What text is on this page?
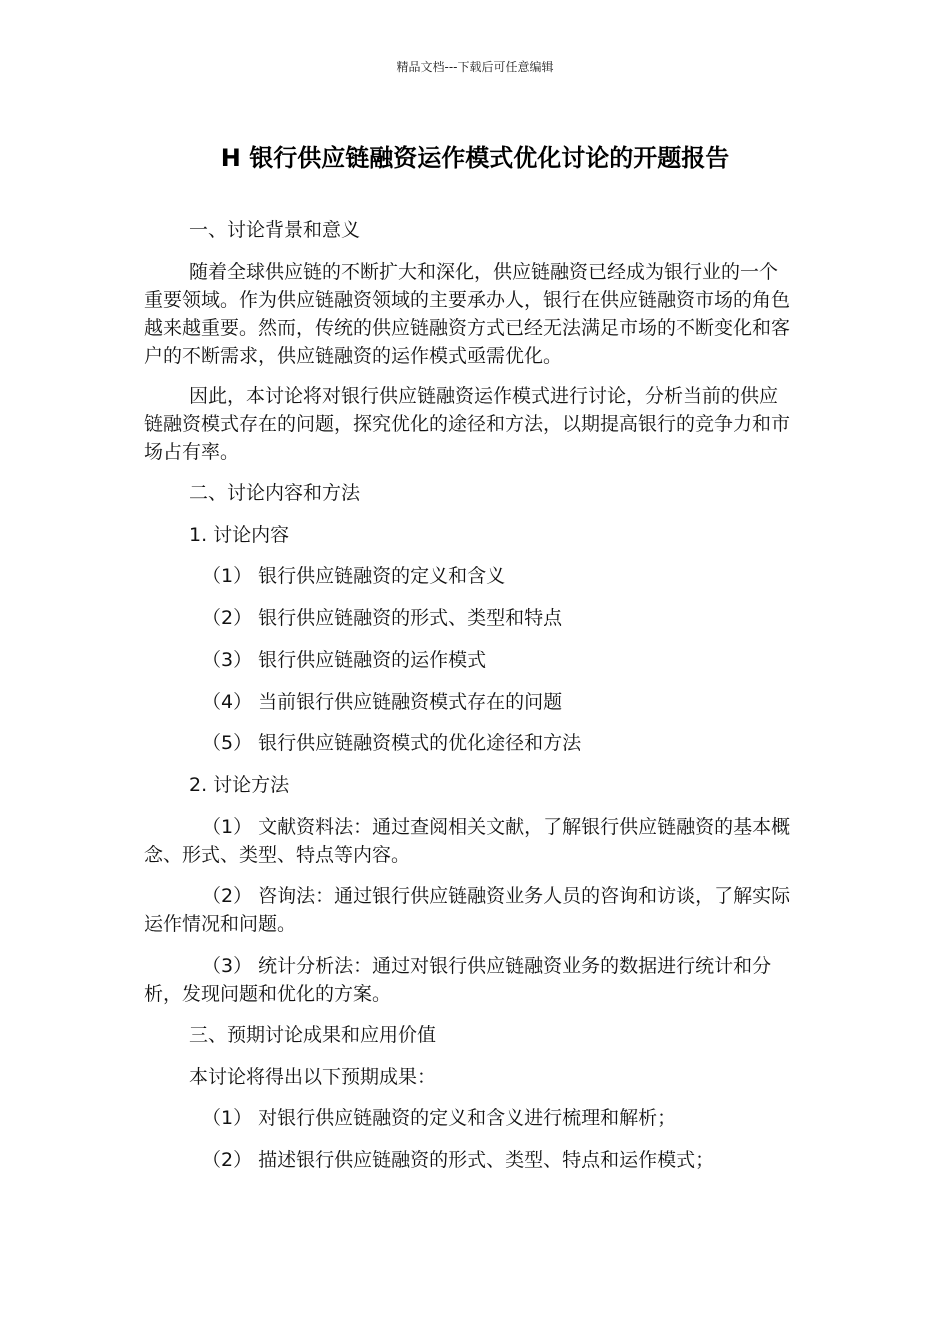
精品文档---下载后可任意编辑
H 银行供应链融资运作模式优化讨论的开题报告

一、讨论背景和意义

随着全球供应链的不断扩大和深化，供应链融资已经成为银行业的一个重要领域。作为供应链融资领域的主要承办人，银行在供应链融资市场的角色越来越重要。然而，传统的供应链融资方式已经无法满足市场的不断变化和客户的不断需求，供应链融资的运作模式亟需优化。

因此，本讨论将对银行供应链融资运作模式进行讨论，分析当前的供应链融资模式存在的问题，探究优化的途径和方法，以期提高银行的竞争力和市场占有率。

二、讨论内容和方法

1. 讨论内容

（1） 银行供应链融资的定义和含义

（2） 银行供应链融资的形式、类型和特点

（3） 银行供应链融资的运作模式

（4） 当前银行供应链融资模式存在的问题

（5） 银行供应链融资模式的优化途径和方法

2. 讨论方法

（1） 文献资料法：通过查阅相关文献，了解银行供应链融资的基本概念、形式、类型、特点等内容。

（2） 咨询法：通过银行供应链融资业务人员的咨询和访谈，了解实际运作情况和问题。

（3） 统计分析法：通过对银行供应链融资业务的数据进行统计和分析，发现问题和优化的方案。

三、预期讨论成果和应用价值

本讨论将得出以下预期成果：

（1） 对银行供应链融资的定义和含义进行梳理和解析；

（2） 描述银行供应链融资的形式、类型、特点和运作模式；
